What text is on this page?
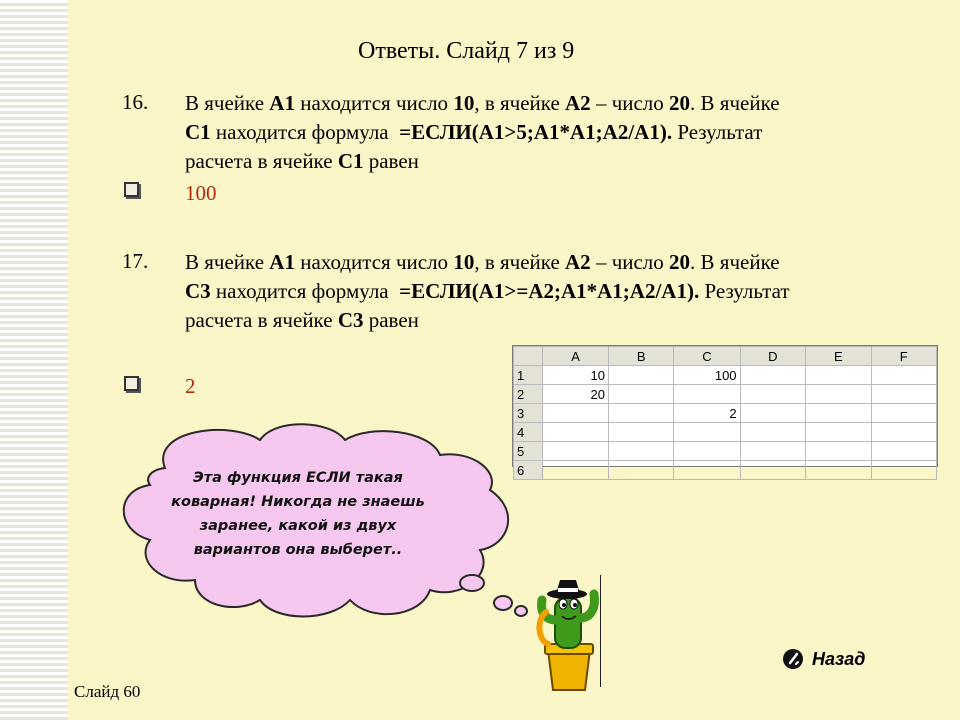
Ответы. Слайд 7 из 9
16. В ячейке А1 находится число 10, в ячейке А2 – число 20. В ячейке
С1 находится формула  =ЕСЛИ(А1>5;А1*А1;А2/А1). Результат
расчета в ячейке С1 равен
100
17. В ячейке А1 находится число 10, в ячейке А2 – число 20. В ячейке
С3 находится формула  =ЕСЛИ(А1>=А2;А1*А1;А2/А1). Результат
расчета в ячейке С3 равен
2
	A	B	C	D	E	F
1	10		100			
2	20					
3			2			
4						
5						
6						
Эта функция ЕСЛИ такая коварная! Никогда не знаешь заранее, какой из двух вариантов она выберет..
Назад
Слайд 60
